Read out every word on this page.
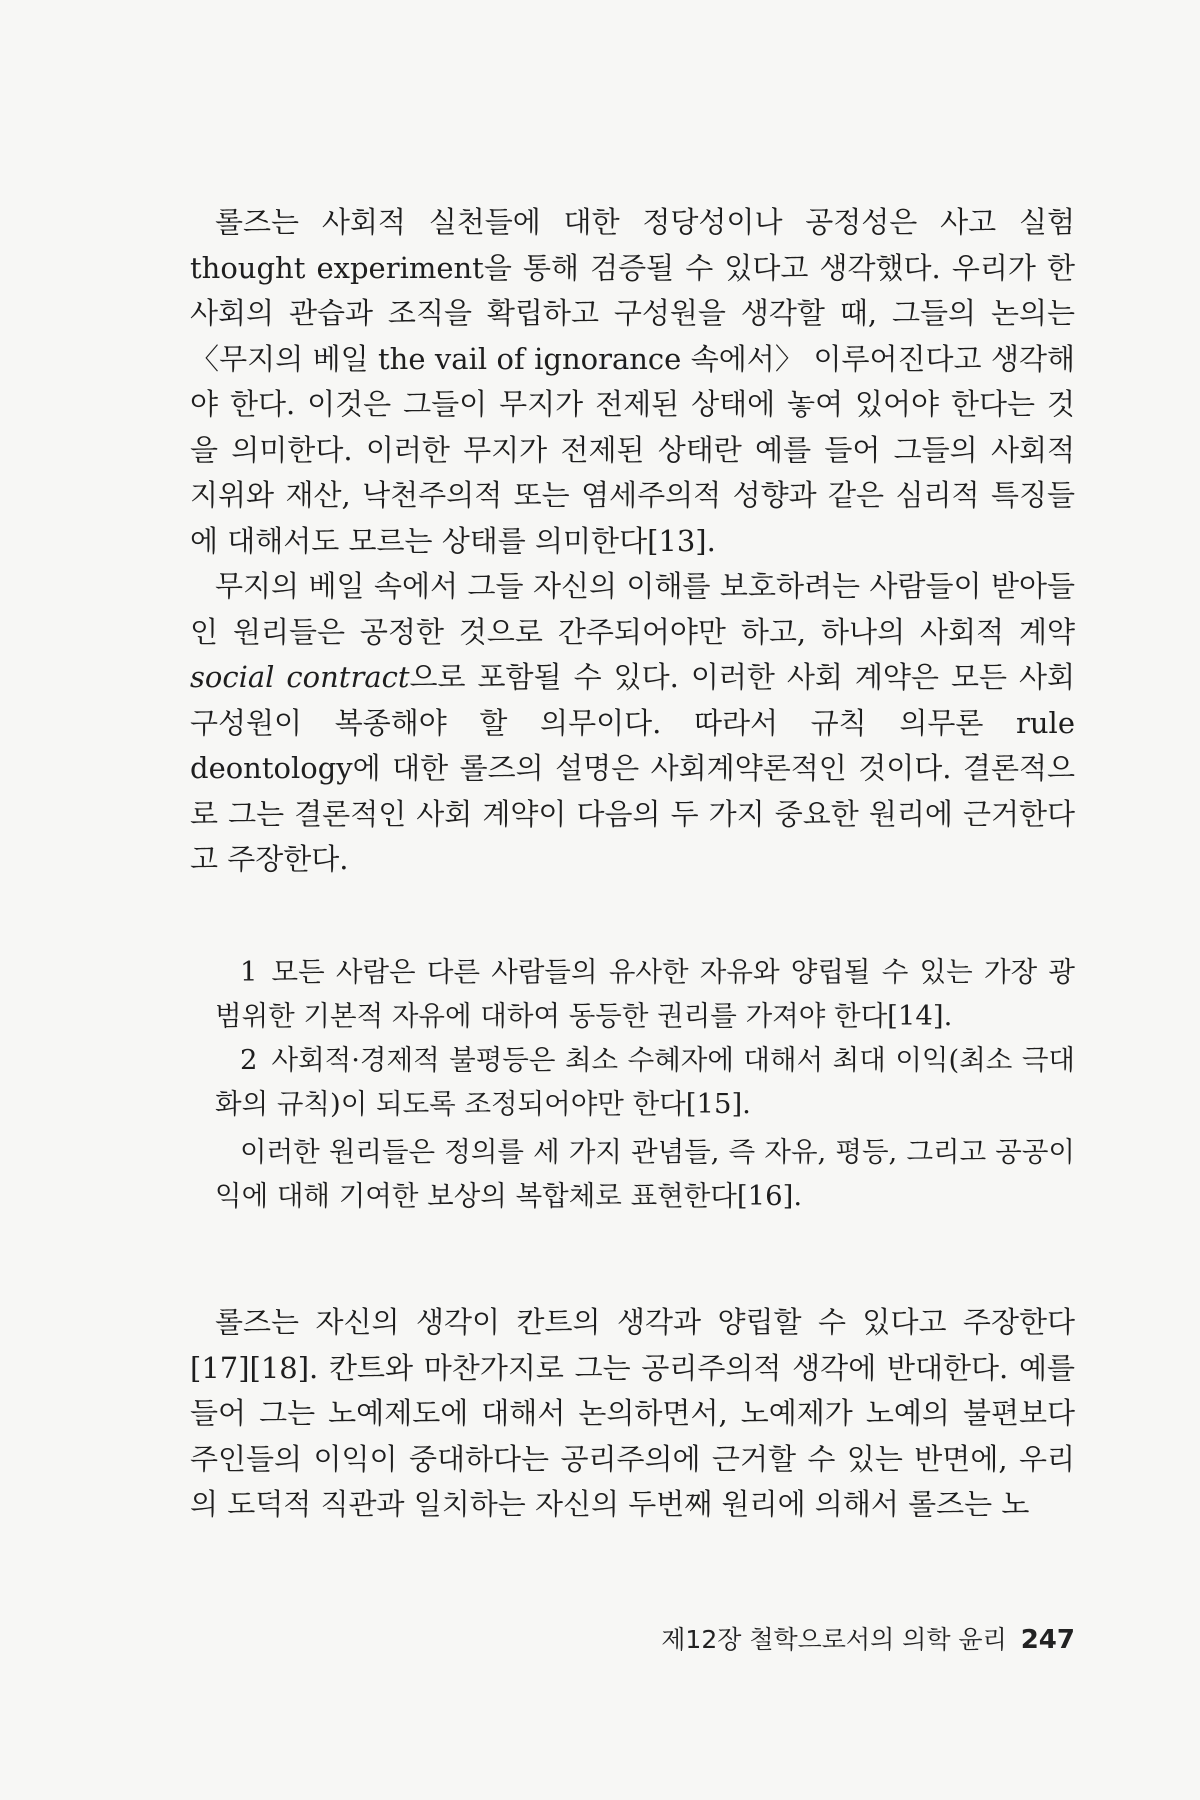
롤즈는 사회적 실천들에 대한 정당성이나 공정성은 사고 실험 thought experiment을 통해 검증될 수 있다고 생각했다. 우리가 한 사회의 관습과 조직을 확립하고 구성원을 생각할 때, 그들의 논의는 〈무지의 베일 the vail of ignorance 속에서〉 이루어진다고 생각해야 한다. 이것은 그들이 무지가 전제된 상태에 놓여 있어야 한다는 것을 의미한다. 이러한 무지가 전제된 상태란 예를 들어 그들의 사회적 지위와 재산, 낙천주의적 또는 염세주의적 성향과 같은 심리적 특징들에 대해서도 모르는 상태를 의미한다[13].

무지의 베일 속에서 그들 자신의 이해를 보호하려는 사람들이 받아들인 원리들은 공정한 것으로 간주되어야만 하고, 하나의 사회적 계약 social contract으로 포함될 수 있다. 이러한 사회 계약은 모든 사회 구성원이 복종해야 할 의무이다. 따라서 규칙 의무론 rule deontology에 대한 롤즈의 설명은 사회계약론적인 것이다. 결론적으로 그는 결론적인 사회 계약이 다음의 두 가지 중요한 원리에 근거한다고 주장한다.

1 모든 사람은 다른 사람들의 유사한 자유와 양립될 수 있는 가장 광범위한 기본적 자유에 대하여 동등한 권리를 가져야 한다[14].

2 사회적·경제적 불평등은 최소 수혜자에 대해서 최대 이익(최소 극대화의 규칙)이 되도록 조정되어야만 한다[15].

이러한 원리들은 정의를 세 가지 관념들, 즉 자유, 평등, 그리고 공공이익에 대해 기여한 보상의 복합체로 표현한다[16].

롤즈는 자신의 생각이 칸트의 생각과 양립할 수 있다고 주장한다[17][18]. 칸트와 마찬가지로 그는 공리주의적 생각에 반대한다. 예를 들어 그는 노예제도에 대해서 논의하면서, 노예제가 노예의 불편보다 주인들의 이익이 중대하다는 공리주의에 근거할 수 있는 반면에, 우리의 도덕적 직관과 일치하는 자신의 두번째 원리에 의해서 롤즈는 노

제12장 철학으로서의 의학 윤리 247
